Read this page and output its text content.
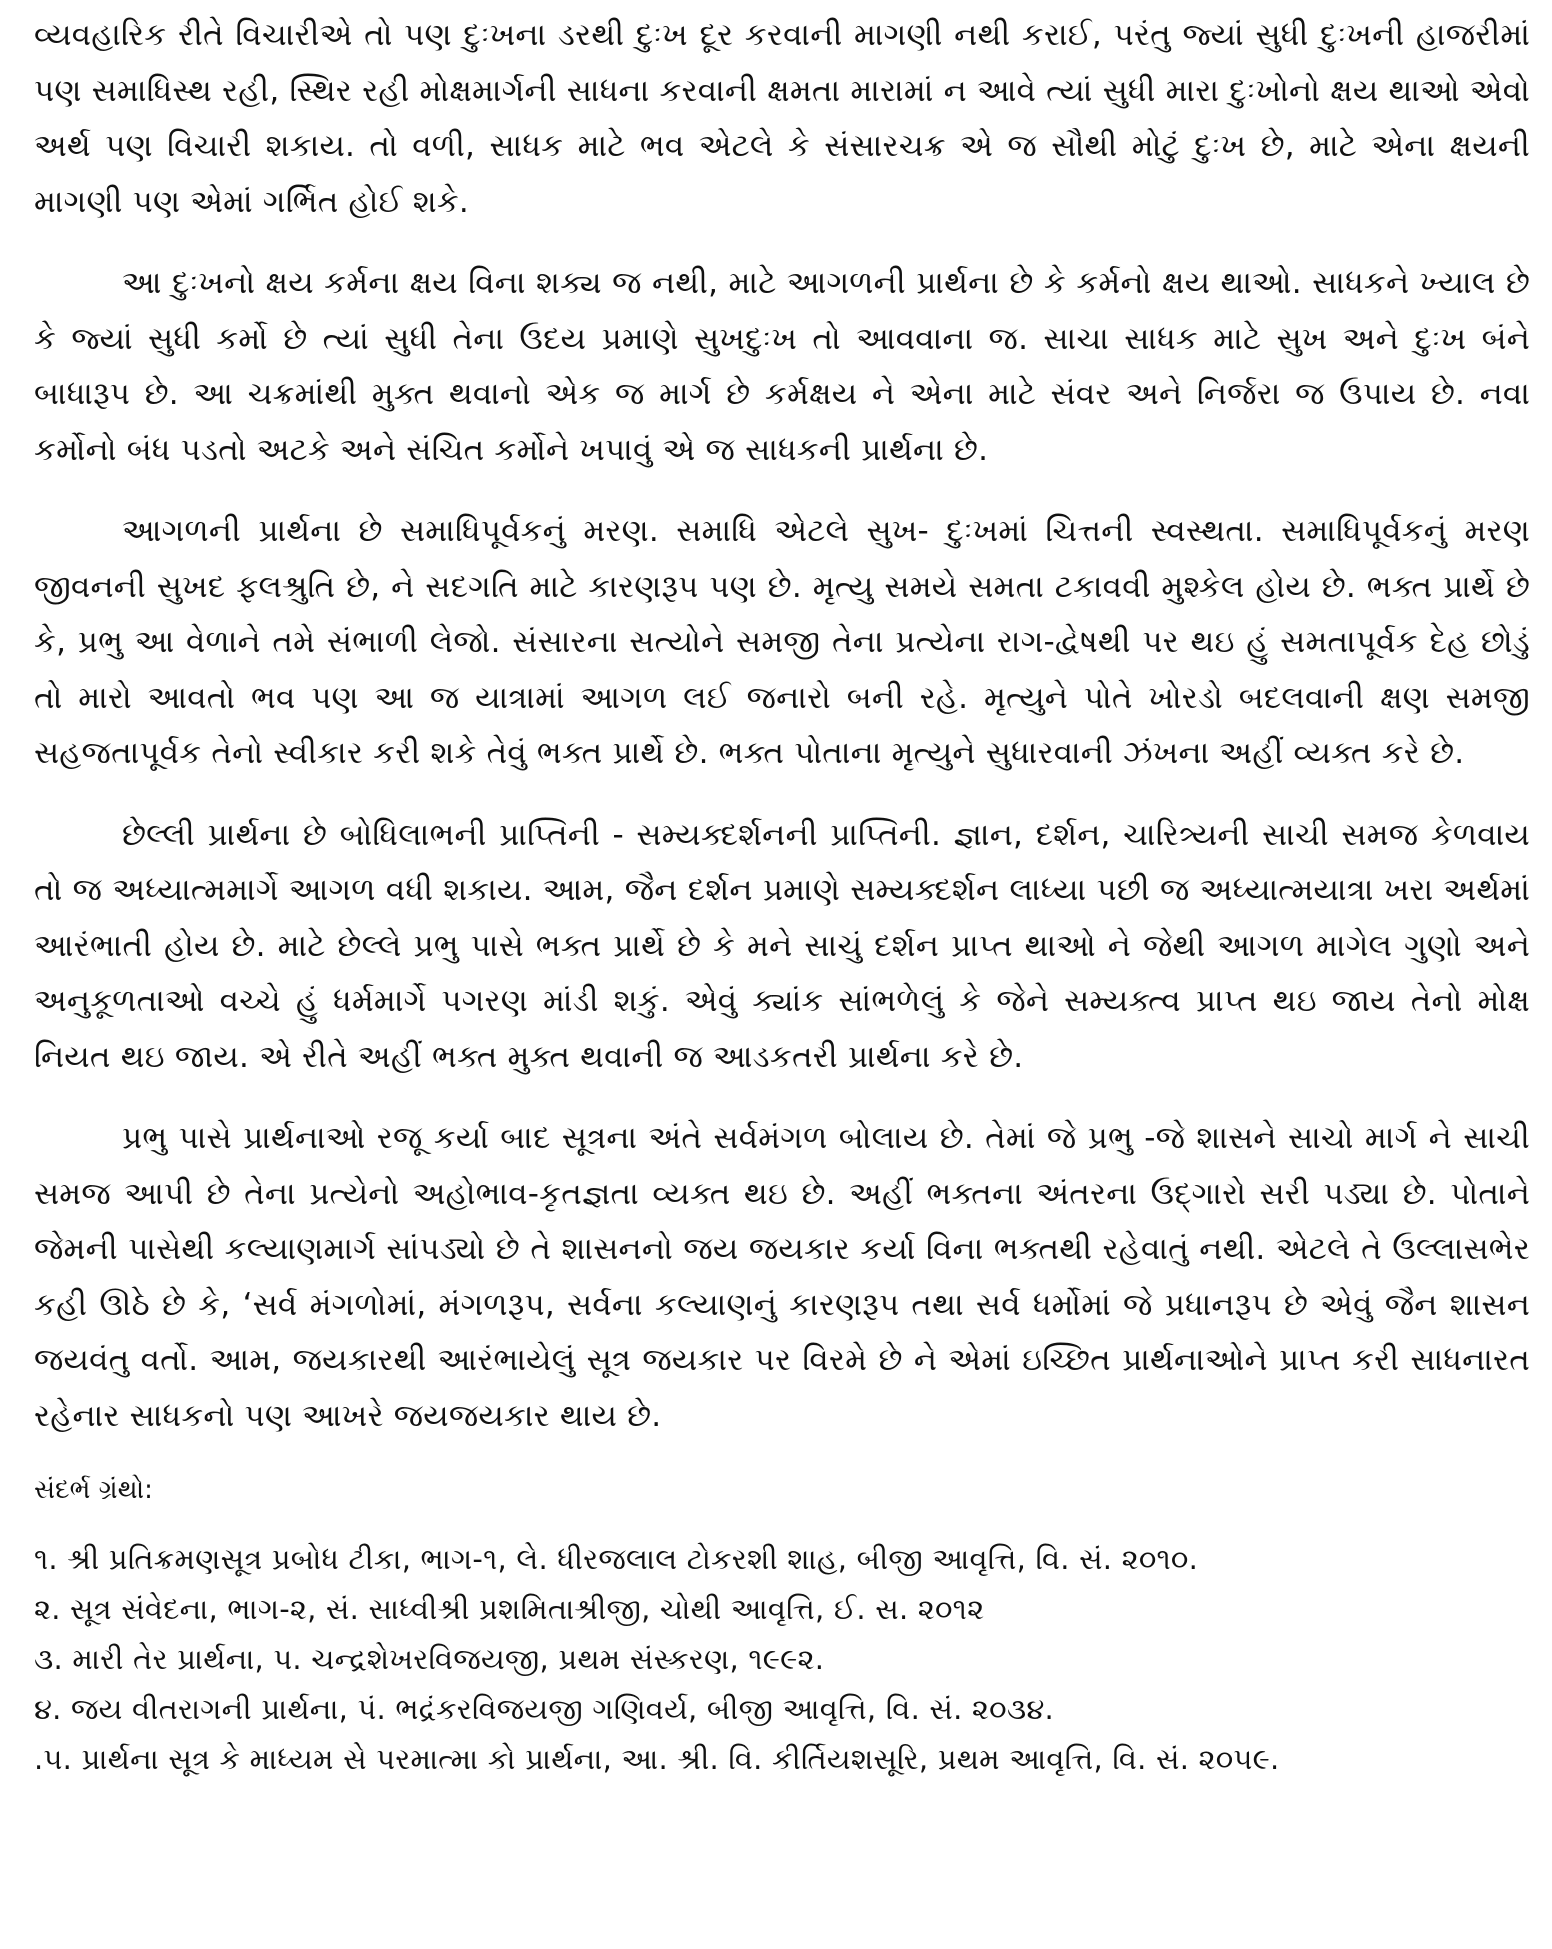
વ્યવહારિક રીતે વિચારીએ તો પણ દુઃખના ડરથી દુઃખ દૂર કરવાની માગણી નથી કરાઈ, પરંતુ જ્યાં સુધી દુઃખની હાજરીમાં પણ સમાધિસ્થ રહી, સ્થિર રહી મોક્ષમાર્ગની સાધના કરવાની ક્ષમતા મારામાં ન આવે ત્યાં સુધી મારા દુઃખોનો ક્ષય થાઓ એવો અર્થ પણ વિચારી શકાય. તો વળી, સાધક માટે ભવ એટલે કે સંસારચક્ર એ જ સૌથી મોટું દુઃખ છે, માટે એના ક્ષયની માગણી પણ એમાં ગર્ભિત હોઈ શકે.

આ દુઃખનો ક્ષય કર્મના ક્ષય વિના શક્ય જ નથી, માટે આગળની પ્રાર્થના છે કે કર્મનો ક્ષય થાઓ. સાધકને ખ્યાલ છે કે જ્યાં સુધી કર્મો છે ત્યાં સુધી તેના ઉદય પ્રમાણે સુખદુઃખ તો આવવાના જ. સાચા સાધક માટે સુખ અને દુઃખ બંને બાધારૂપ છે. આ ચક્રમાંથી મુક્ત થવાનો એક જ માર્ગ છે કર્મક્ષય ને એના માટે સંવર અને નિર્જરા જ ઉપાય છે. નવા કર્મોનો બંધ પડતો અટકે અને સંચિત કર્મોને ખપાવું એ જ સાધકની પ્રાર્થના છે.

આગળની પ્રાર્થના છે સમાધિપૂર્વકનું મરણ. સમાધિ એટલે સુખ- દુઃખમાં ચિત્તની સ્વસ્થતા. સમાધિપૂર્વકનું મરણ જીવનની સુખદ ફલશ્રુતિ છે, ને સદગતિ માટે કારણરૂપ પણ છે. મૃત્યુ સમયે સમતા ટકાવવી મુશ્કેલ હોય છે. ભક્ત પ્રાર્થે છે કે, પ્રભુ આ વેળાને તમે સંભાળી લેજો. સંસારના સત્યોને સમજી તેના પ્રત્યેના રાગ-દ્વેષથી પર થઇ હું સમતાપૂર્વક દેહ છોડું તો મારો આવતો ભવ પણ આ જ યાત્રામાં આગળ લઈ જનારો બની રહે. મૃત્યુને પોતે ખોરડો બદલવાની ક્ષણ સમજી સહજતાપૂર્વક તેનો સ્વીકાર કરી શકે તેવું ભક્ત પ્રાર્થે છે. ભક્ત પોતાના મૃત્યુને સુધારવાની ઝંખના અહીં વ્યક્ત કરે છે.

છેલ્લી પ્રાર્થના છે બોધિલાભની પ્રાપ્તિની - સમ્યક્દર્શનની પ્રાપ્તિની. જ્ઞાન, દર્શન, ચારિત્ર્યની સાચી સમજ કેળવાય તો જ અધ્યાત્મમાર્ગે આગળ વધી શકાય. આમ, જૈન દર્શન પ્રમાણે સમ્યક્દર્શન લાધ્યા પછી જ અધ્યાત્મયાત્રા ખરા અર્થમાં આરંભાતી હોય છે. માટે છેલ્લે પ્રભુ પાસે ભક્ત પ્રાર્થે છે કે મને સાચું દર્શન પ્રાપ્ત થાઓ ને જેથી આગળ માગેલ ગુણો અને અનુકૂળતાઓ વચ્ચે હું ધર્મમાર્ગે પગરણ માંડી શકું. એવું ક્યાંક સાંભળેલું કે જેને સમ્યક્ત્વ પ્રાપ્ત થઇ જાય તેનો મોક્ષ નિયત થઇ જાય. એ રીતે અહીં ભક્ત મુક્ત થવાની જ આડકતરી પ્રાર્થના કરે છે.

પ્રભુ પાસે પ્રાર્થનાઓ રજૂ કર્યા બાદ સૂત્રના અંતે સર્વમંગળ બોલાય છે. તેમાં જે પ્રભુ -જે શાસને સાચો માર્ગ ને સાચી સમજ આપી છે તેના પ્રત્યેનો અહોભાવ-કૃતજ્ઞતા વ્યક્ત થઇ છે. અહીં ભક્તના અંતરના ઉદ્ગારો સરી પડ્યા છે. પોતાને જેમની પાસેથી કલ્યાણમાર્ગ સાંપડ્યો છે તે શાસનનો જય જયકાર કર્યા વિના ભક્તથી રહેવાતું નથી. એટલે તે ઉલ્લાસભેર કહી ઊઠે છે કે, ‘સર્વ મંગળોમાં, મંગળરૂપ, સર્વના કલ્યાણનું કારણરૂપ તથા સર્વ ધર્મોમાં જે પ્રધાનરૂપ છે એવું જૈન શાસન જયવંતુ વર્તો. આમ, જયકારથી આરંભાયેલું સૂત્ર જયકાર પર વિરમે છે ને એમાં ઇચ્છિત પ્રાર્થનાઓને પ્રાપ્ત કરી સાધનારત રહેનાર સાધકનો પણ આખરે જયજયકાર થાય છે.

સંદર્ભ ગ્રંથો:
૧. શ્રી પ્રતિક્રમણસૂત્ર પ્રબોધ ટીકા, ભાગ-૧, લે. ધીરજલાલ ટોકરશી શાહ, બીજી આવૃત્તિ, વિ. સં. ૨૦૧૦.
૨. સૂત્ર સંવેદના, ભાગ-૨, સં. સાધ્વીશ્રી પ્રશમિતાશ્રીજી, ચોથી આવૃત્તિ, ઈ. સ. ૨૦૧૨
૩. મારી તેર પ્રાર્થના, પ. ચન્દ્રશેખરવિજયજી, પ્રથમ સંસ્કરણ, ૧૯૯૨.
૪. જય વીતરાગની પ્રાર્થના, પં. ભદ્રંકરવિજયજી ગણિવર્ય, બીજી આવૃત્તિ, વિ. સં. ૨૦૩૪.
.૫. પ્રાર્થના સૂત્ર કે માધ્યમ સે પરમાત્મા કો પ્રાર્થના, આ. શ્રી. વિ. કીર્તિયશસૂરિ, પ્રથમ આવૃત્તિ, વિ. સં. ૨૦૫૯.
